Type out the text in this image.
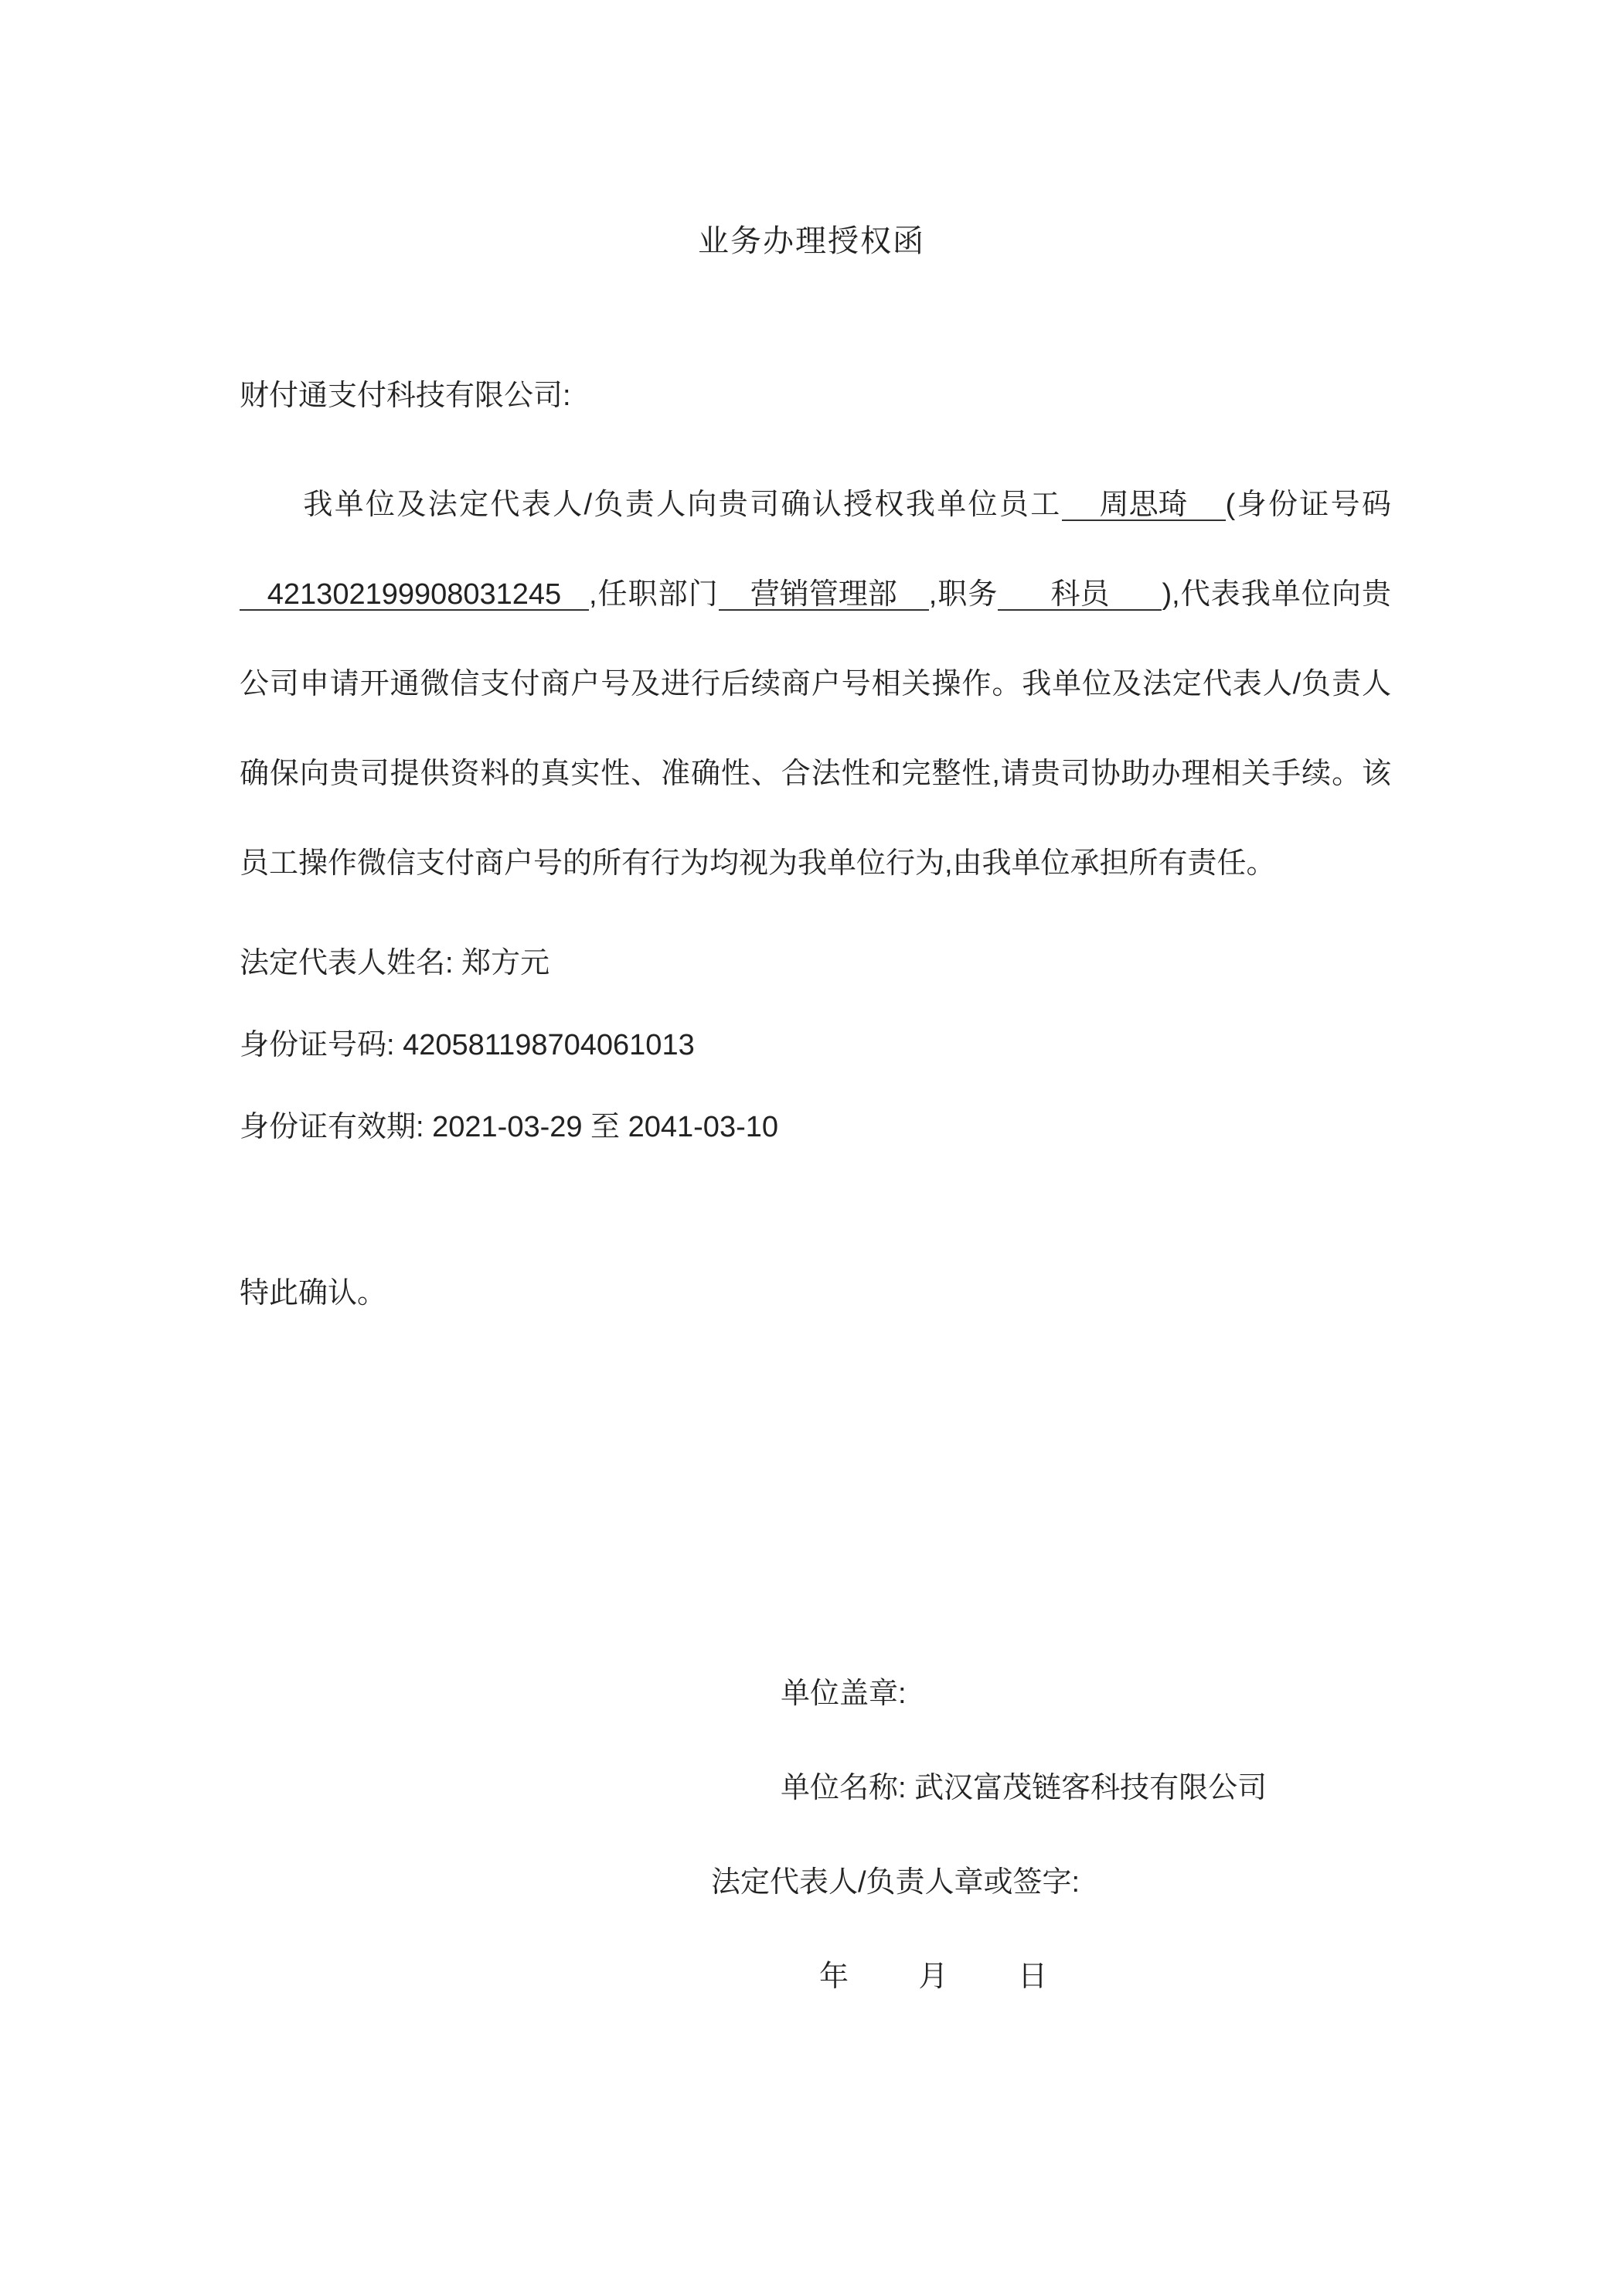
业务办理授权函
财付通支付科技有限公司:
我单位及法定代表人/负责人向贵司确认授权我单位员工 周思琦 (身份证号码421302199908031245 ,任职部门 营销管理部 ,职务 科员 ),代表我单位向贵公司申请开通微信支付商户号及进行后续商户号相关操作。我单位及法定代表人/负责人确保向贵司提供资料的真实性、准确性、合法性和完整性,请贵司协助办理相关手续。该员工操作微信支付商户号的所有行为均视为我单位行为,由我单位承担所有责任。
法定代表人姓名: 郑方元
身份证号码: 420581198704061013
身份证有效期: 2021-03-29 至 2041-03-10
特此确认。
单位盖章:
单位名称: 武汉富茂链客科技有限公司
法定代表人/负责人章或签字:
年 月 日
